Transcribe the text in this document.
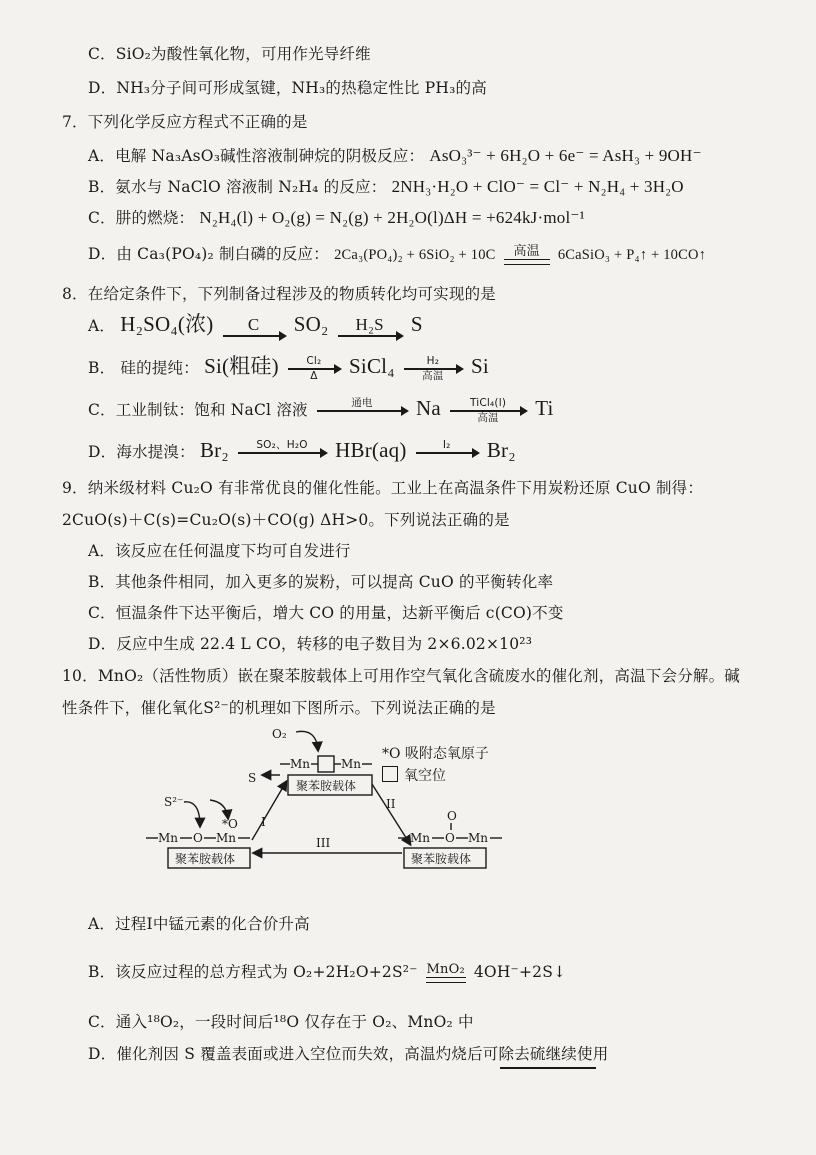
C．SiO₂为酸性氧化物，可用作光导纤维
D．NH₃分子间可形成氢键，NH₃的热稳定性比 PH₃的高
7．下列化学反应方程式不正确的是
A．电解 Na₃AsO₃碱性溶液制砷烷的阴极反应： AsO₃³⁻ + 6H₂O + 6e⁻ = AsH₃ + 9OH⁻
B．氨水与 NaClO 溶液制 N₂H₄ 的反应： 2NH₃·H₂O + ClO⁻ = Cl⁻ + N₂H₄ + 3H₂O
C．肼的燃烧： N₂H₄(l) + O₂(g) = N₂(g) + 2H₂O(l)ΔH = +624kJ·mol⁻¹
D．由 Ca₃(PO₄)₂ 制白磷的反应： 2Ca₃(PO₄)₂ + 6SiO₂ + 10C	高温	6CaSiO₃ + P₄↑ + 10CO↑
8．在给定条件下，下列制备过程涉及的物质转化均可实现的是
A． H₂SO₄(浓)	C	SO₂	H₂S	S
B． 硅的提纯： Si(粗硅) $\frac{\text{Cl₂}}{\Delta}$ SiCl₄	H₂
高温	Si
C．工业制钛：饱和 NaCl 溶液	通电
	Na	TiCl₄(l)
高温	Ti
D．海水提溴： Br₂	SO₂、H₂O
	HBr(aq)	I₂
	Br₂
9．纳米级材料 Cu₂O 有非常优良的催化性能。工业上在高温条件下用炭粉还原 CuO 制得：
2CuO(s)＋C(s)=Cu₂O(s)＋CO(g) ΔH>0。下列说法正确的是
A．该反应在任何温度下均可自发进行
B．其他条件相同，加入更多的炭粉，可以提高 CuO 的平衡转化率
C．恒温条件下达平衡后，增大 CO 的用量，达新平衡后 c(CO)不变
D．反应中生成 22.4 L CO，转移的电子数目为 2×6.02×10²³
10．MnO₂（活性物质）嵌在聚苯胺载体上可用作空气氧化含硫废水的催化剂，高温下会分解。碱
性条件下，催化氧化S²⁻的机理如下图所示。下列说法正确的是
O₂
Mn	Mn
聚苯胺载体
S
I
II
S²⁻
*O
Mn O Mn
聚苯胺载体
III
O
Mn O Mn
聚苯胺载体
*O 吸附态氧原子
氧空位
A．过程I中锰元素的化合价升高
B．该反应过程的总方程式为 O₂+2H₂O+2S²⁻ MnO₂ 4OH⁻+2S↓
C．通入¹⁸O₂，一段时间后¹⁸O 仅存在于 O₂、MnO₂ 中
D．催化剂因 S 覆盖表面或进入空位而失效，高温灼烧后可除去硫继续使用
